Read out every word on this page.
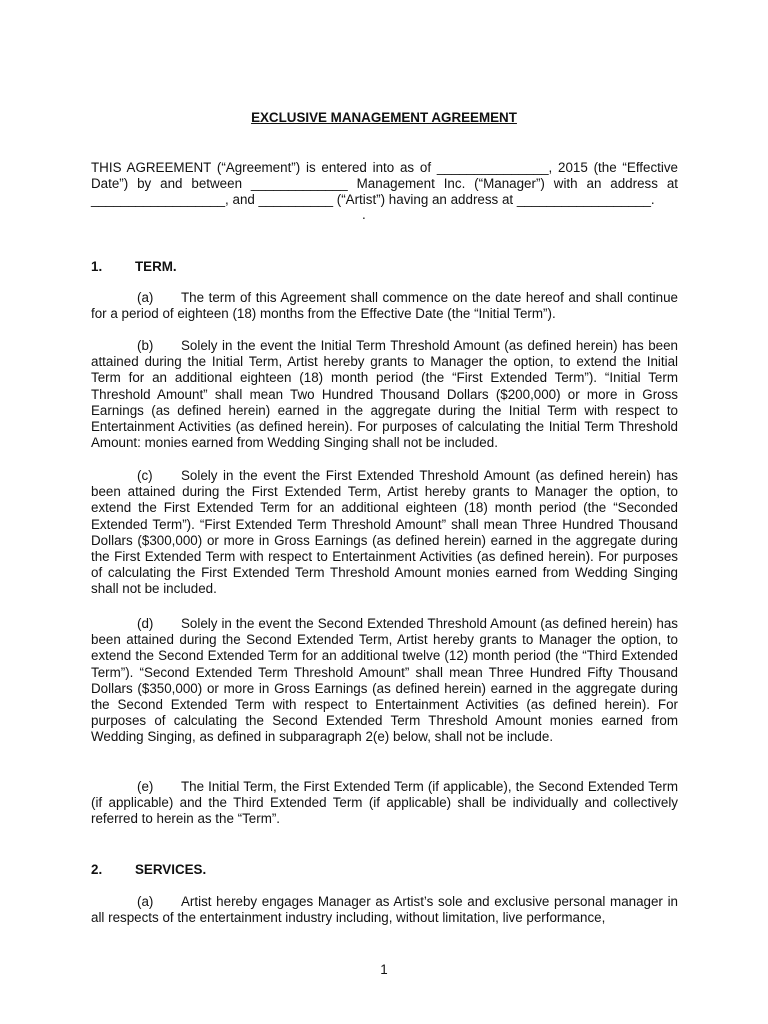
EXCLUSIVE MANAGEMENT AGREEMENT
THIS AGREEMENT (“Agreement”) is entered into as of _______________, 2015 (the “Effective Date”) by and between _____________ Management Inc. (“Manager”) with an address at __________________, and __________ (“Artist”) having an address at __________________.
.
1. TERM.
(a) The term of this Agreement shall commence on the date hereof and shall continue for a period of eighteen (18) months from the Effective Date (the “Initial Term”).
(b) Solely in the event the Initial Term Threshold Amount (as defined herein) has been attained during the Initial Term, Artist hereby grants to Manager the option, to extend the Initial Term for an additional eighteen (18) month period (the “First Extended Term”). “Initial Term Threshold Amount” shall mean Two Hundred Thousand Dollars ($200,000) or more in Gross Earnings (as defined herein) earned in the aggregate during the Initial Term with respect to Entertainment Activities (as defined herein). For purposes of calculating the Initial Term Threshold Amount: monies earned from Wedding Singing shall not be included.
(c) Solely in the event the First Extended Threshold Amount (as defined herein) has been attained during the First Extended Term, Artist hereby grants to Manager the option, to extend the First Extended Term for an additional eighteen (18) month period (the “Seconded Extended Term”). “First Extended Term Threshold Amount” shall mean Three Hundred Thousand Dollars ($300,000) or more in Gross Earnings (as defined herein) earned in the aggregate during the First Extended Term with respect to Entertainment Activities (as defined herein). For purposes of calculating the First Extended Term Threshold Amount monies earned from Wedding Singing shall not be included.
(d) Solely in the event the Second Extended Threshold Amount (as defined herein) has been attained during the Second Extended Term, Artist hereby grants to Manager the option, to extend the Second Extended Term for an additional twelve (12) month period (the “Third Extended Term”). “Second Extended Term Threshold Amount” shall mean Three Hundred Fifty Thousand Dollars ($350,000) or more in Gross Earnings (as defined herein) earned in the aggregate during the Second Extended Term with respect to Entertainment Activities (as defined herein). For purposes of calculating the Second Extended Term Threshold Amount monies earned from Wedding Singing, as defined in subparagraph 2(e) below, shall not be include.
(e) The Initial Term, the First Extended Term (if applicable), the Second Extended Term (if applicable) and the Third Extended Term (if applicable) shall be individually and collectively referred to herein as the “Term”.
2. SERVICES.
(a) Artist hereby engages Manager as Artist’s sole and exclusive personal manager in all respects of the entertainment industry including, without limitation, live performance,
1
